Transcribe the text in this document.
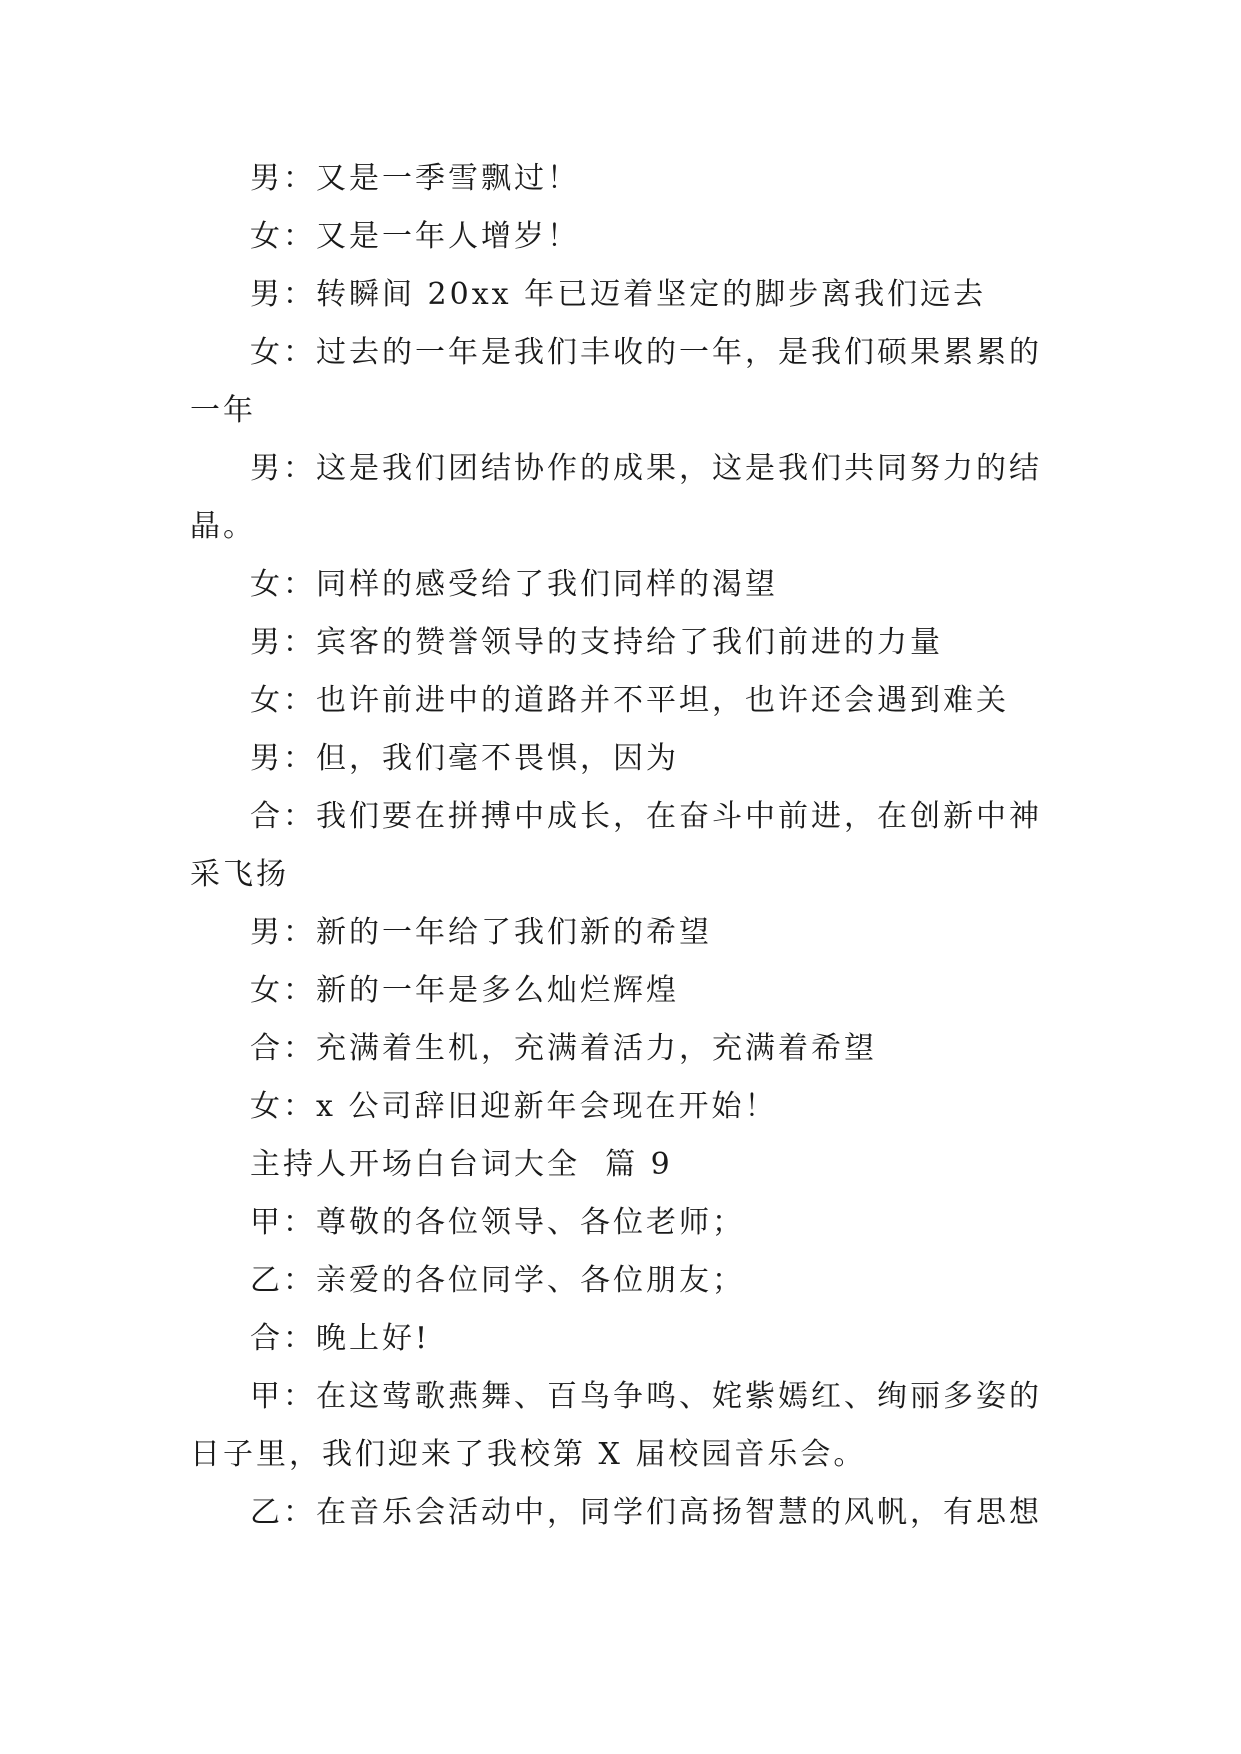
男：又是一季雪飘过！

女：又是一年人增岁！

男：转瞬间 20xx 年已迈着坚定的脚步离我们远去

女：过去的一年是我们丰收的一年，是我们硕果累累的一年

男：这是我们团结协作的成果，这是我们共同努力的结晶。

女：同样的感受给了我们同样的渴望

男：宾客的赞誉领导的支持给了我们前进的力量

女：也许前进中的道路并不平坦，也许还会遇到难关

男：但，我们毫不畏惧，因为

合：我们要在拼搏中成长，在奋斗中前进，在创新中神采飞扬

男：新的一年给了我们新的希望

女：新的一年是多么灿烂辉煌

合：充满着生机，充满着活力，充满着希望

女：x 公司辞旧迎新年会现在开始！

主持人开场白台词大全  篇 9

甲：尊敬的各位领导、各位老师；

乙：亲爱的各位同学、各位朋友；

合：晚上好!

甲：在这莺歌燕舞、百鸟争鸣、姹紫嫣红、绚丽多姿的日子里，我们迎来了我校第 X 届校园音乐会。

乙：在音乐会活动中，同学们高扬智慧的风帆，有思想
